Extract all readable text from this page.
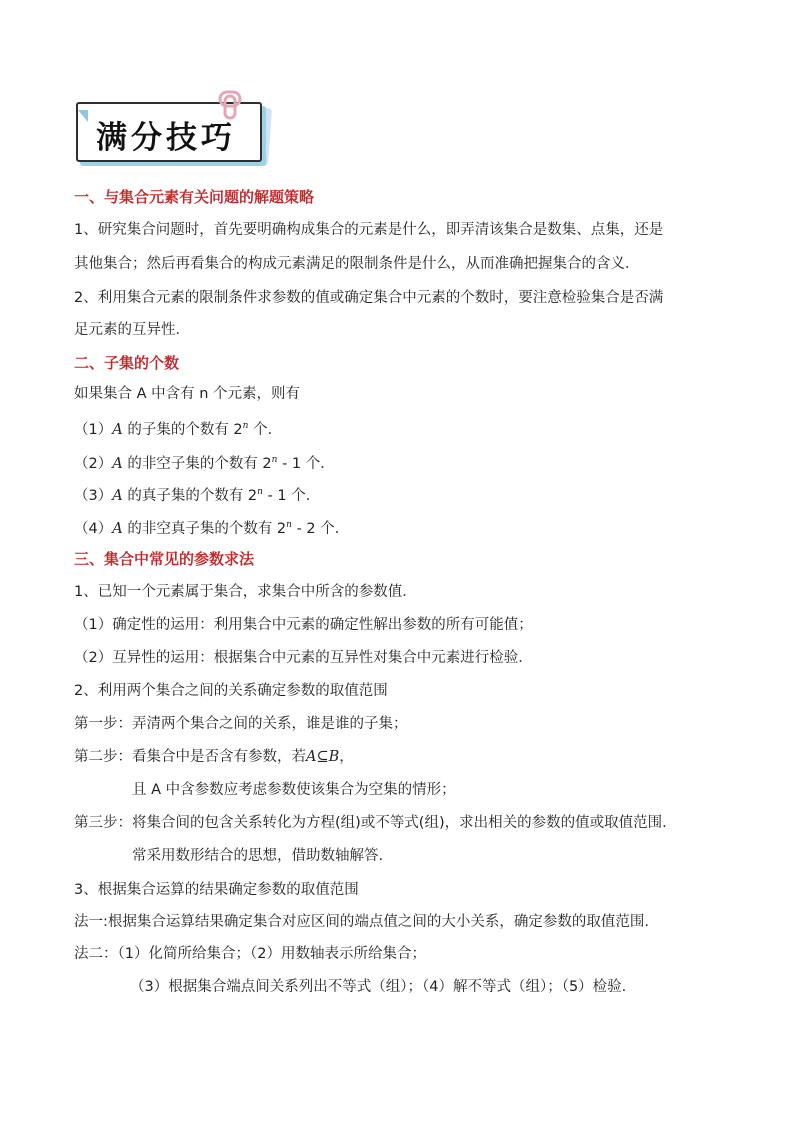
满分技巧
一、与集合元素有关问题的解题策略
1、研究集合问题时，首先要明确构成集合的元素是什么，即弄清该集合是数集、点集，还是
其他集合；然后再看集合的构成元素满足的限制条件是什么，从而准确把握集合的含义．
2、利用集合元素的限制条件求参数的值或确定集合中元素的个数时，要注意检验集合是否满
足元素的互异性．
二、子集的个数
如果集合 A 中含有 n 个元素，则有
（1）A 的子集的个数有 2$^n$ 个．
（2）A 的非空子集的个数有 2$^n$ - 1 个．
（3）A 的真子集的个数有 2$^n$ - 1 个．
（4）A 的非空真子集的个数有 2$^n$ - 2 个．
三、集合中常见的参数求法
1、已知一个元素属于集合，求集合中所含的参数值．
（1）确定性的运用：利用集合中元素的确定性解出参数的所有可能值；
（2）互异性的运用：根据集合中元素的互异性对集合中元素进行检验．
2、利用两个集合之间的关系确定参数的取值范围
第一步：弄清两个集合之间的关系，谁是谁的子集；
第二步：看集合中是否含有参数，若A⊆B，
且 A 中含参数应考虑参数使该集合为空集的情形；
第三步：将集合间的包含关系转化为方程(组)或不等式(组)，求出相关的参数的值或取值范围.
常采用数形结合的思想，借助数轴解答.
3、根据集合运算的结果确定参数的取值范围
法一:根据集合运算结果确定集合对应区间的端点值之间的大小关系，确定参数的取值范围.
法二：（1）化简所给集合；（2）用数轴表示所给集合；
（3）根据集合端点间关系列出不等式（组）；（4）解不等式（组）；（5）检验.
